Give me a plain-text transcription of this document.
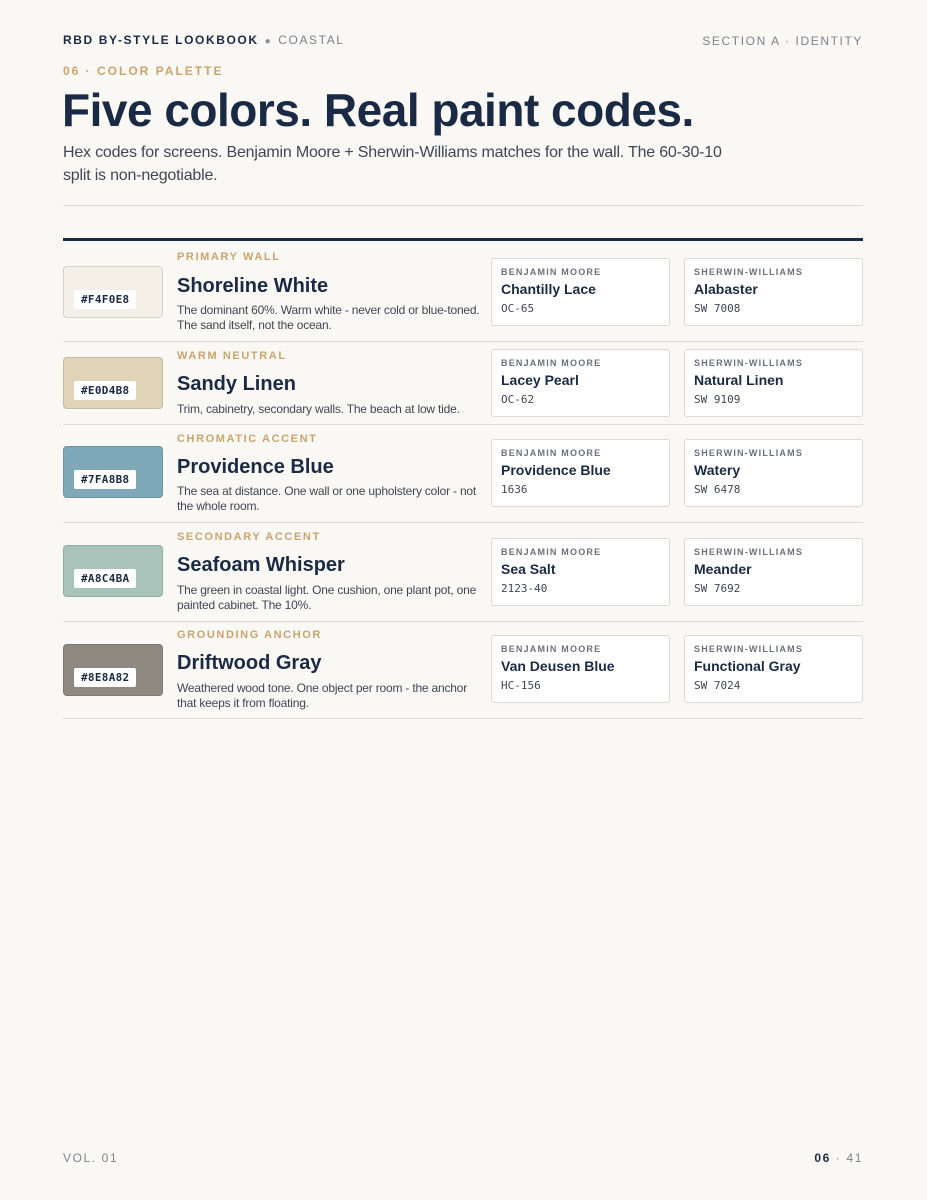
RBD BY-STYLE LOOKBOOK ● COASTAL	SECTION A · IDENTITY
06 · COLOR PALETTE
Five colors. Real paint codes.

Hex codes for screens. Benjamin Moore + Sherwin-Williams matches for the wall. The 60-30-10 split is non-negotiable.

#F4F0E8
PRIMARY WALL
Shoreline White
The dominant 60%. Warm white - never cold or blue-toned. The sand itself, not the ocean.
BENJAMIN MOORE
Chantilly Lace
OC-65
SHERWIN-WILLIAMS
Alabaster
SW 7008
#E0D4B8
WARM NEUTRAL
Sandy Linen
Trim, cabinetry, secondary walls. The beach at low tide.
BENJAMIN MOORE
Lacey Pearl
OC-62
SHERWIN-WILLIAMS
Natural Linen
SW 9109
#7FA8B8
CHROMATIC ACCENT
Providence Blue
The sea at distance. One wall or one upholstery color - not the whole room.
BENJAMIN MOORE
Providence Blue
1636
SHERWIN-WILLIAMS
Watery
SW 6478
#A8C4BA
SECONDARY ACCENT
Seafoam Whisper
The green in coastal light. One cushion, one plant pot, one painted cabinet. The 10%.
BENJAMIN MOORE
Sea Salt
2123-40
SHERWIN-WILLIAMS
Meander
SW 7692
#8E8A82
GROUNDING ANCHOR
Driftwood Gray
Weathered wood tone. One object per room - the anchor that keeps it from floating.
BENJAMIN MOORE
Van Deusen Blue
HC-156
SHERWIN-WILLIAMS
Functional Gray
SW 7024
VOL. 01	06 · 41
